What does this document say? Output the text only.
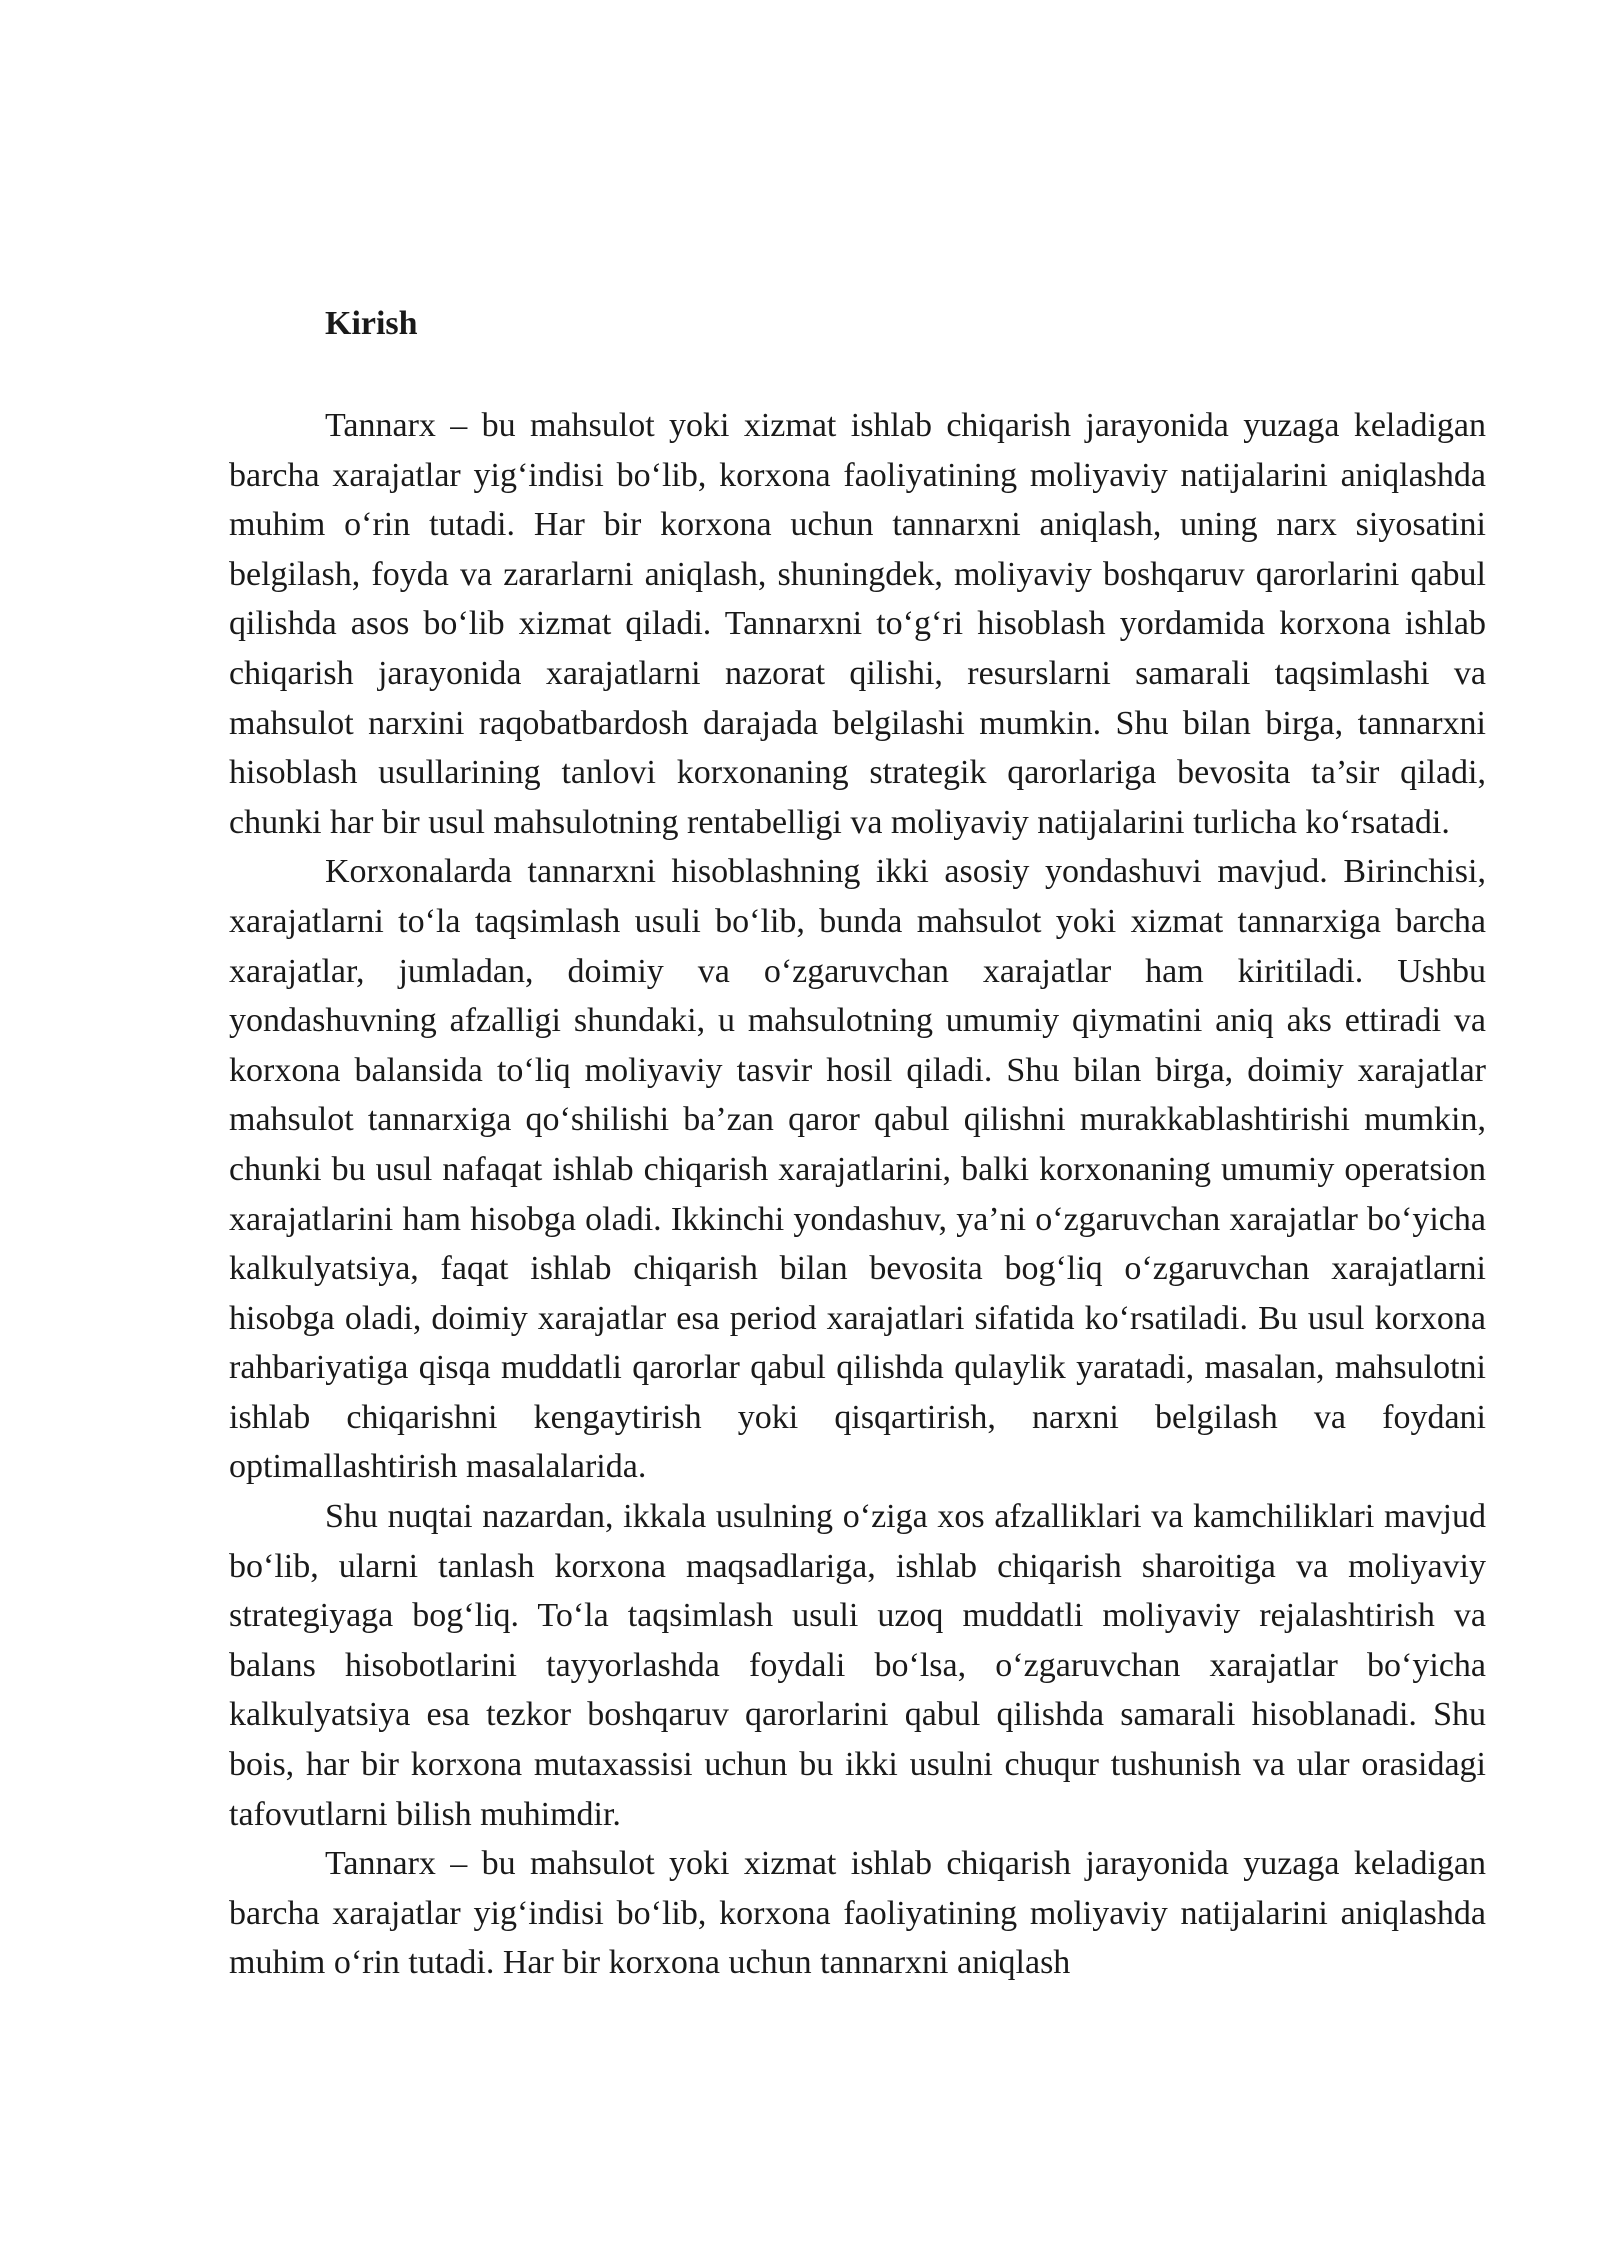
Kirish

Tannarx – bu mahsulot yoki xizmat ishlab chiqarish jarayonida yuzaga keladigan barcha xarajatlar yig‘indisi bo‘lib, korxona faoliyatining moliyaviy natijalarini aniqlashda muhim o‘rin tutadi. Har bir korxona uchun tannarxni aniqlash, uning narx siyosatini belgilash, foyda va zararlarni aniqlash, shuningdek, moliyaviy boshqaruv qarorlarini qabul qilishda asos bo‘lib xizmat qiladi. Tannarxni to‘g‘ri hisoblash yordamida korxona ishlab chiqarish jarayonida xarajatlarni nazorat qilishi, resurslarni samarali taqsimlashi va mahsulot narxini raqobatbardosh darajada belgilashi mumkin. Shu bilan birga, tannarxni hisoblash usullarining tanlovi korxonaning strategik qarorlariga bevosita ta’sir qiladi, chunki har bir usul mahsulotning rentabelligi va moliyaviy natijalarini turlicha ko‘rsatadi.

Korxonalarda tannarxni hisoblashning ikki asosiy yondashuvi mavjud. Birinchisi, xarajatlarni to‘la taqsimlash usuli bo‘lib, bunda mahsulot yoki xizmat tannarxiga barcha xarajatlar, jumladan, doimiy va o‘zgaruvchan xarajatlar ham kiritiladi. Ushbu yondashuvning afzalligi shundaki, u mahsulotning umumiy qiymatini aniq aks ettiradi va korxona balansida to‘liq moliyaviy tasvir hosil qiladi. Shu bilan birga, doimiy xarajatlar mahsulot tannarxiga qo‘shilishi ba’zan qaror qabul qilishni murakkablashtirishi mumkin, chunki bu usul nafaqat ishlab chiqarish xarajatlarini, balki korxonaning umumiy operatsion xarajatlarini ham hisobga oladi. Ikkinchi yondashuv, ya’ni o‘zgaruvchan xarajatlar bo‘yicha kalkulyatsiya, faqat ishlab chiqarish bilan bevosita bog‘liq o‘zgaruvchan xarajatlarni hisobga oladi, doimiy xarajatlar esa period xarajatlari sifatida ko‘rsatiladi. Bu usul korxona rahbariyatiga qisqa muddatli qarorlar qabul qilishda qulaylik yaratadi, masalan, mahsulotni ishlab chiqarishni kengaytirish yoki qisqartirish, narxni belgilash va foydani optimallashtirish masalalarida.

Shu nuqtai nazardan, ikkala usulning o‘ziga xos afzalliklari va kamchiliklari mavjud bo‘lib, ularni tanlash korxona maqsadlariga, ishlab chiqarish sharoitiga va moliyaviy strategiyaga bog‘liq. To‘la taqsimlash usuli uzoq muddatli moliyaviy rejalashtirish va balans hisobotlarini tayyorlashda foydali bo‘lsa, o‘zgaruvchan xarajatlar bo‘yicha kalkulyatsiya esa tezkor boshqaruv qarorlarini qabul qilishda samarali hisoblanadi. Shu bois, har bir korxona mutaxassisi uchun bu ikki usulni chuqur tushunish va ular orasidagi tafovutlarni bilish muhimdir.

Tannarx – bu mahsulot yoki xizmat ishlab chiqarish jarayonida yuzaga keladigan barcha xarajatlar yig‘indisi bo‘lib, korxona faoliyatining moliyaviy natijalarini aniqlashda muhim o‘rin tutadi. Har bir korxona uchun tannarxni aniqlash
